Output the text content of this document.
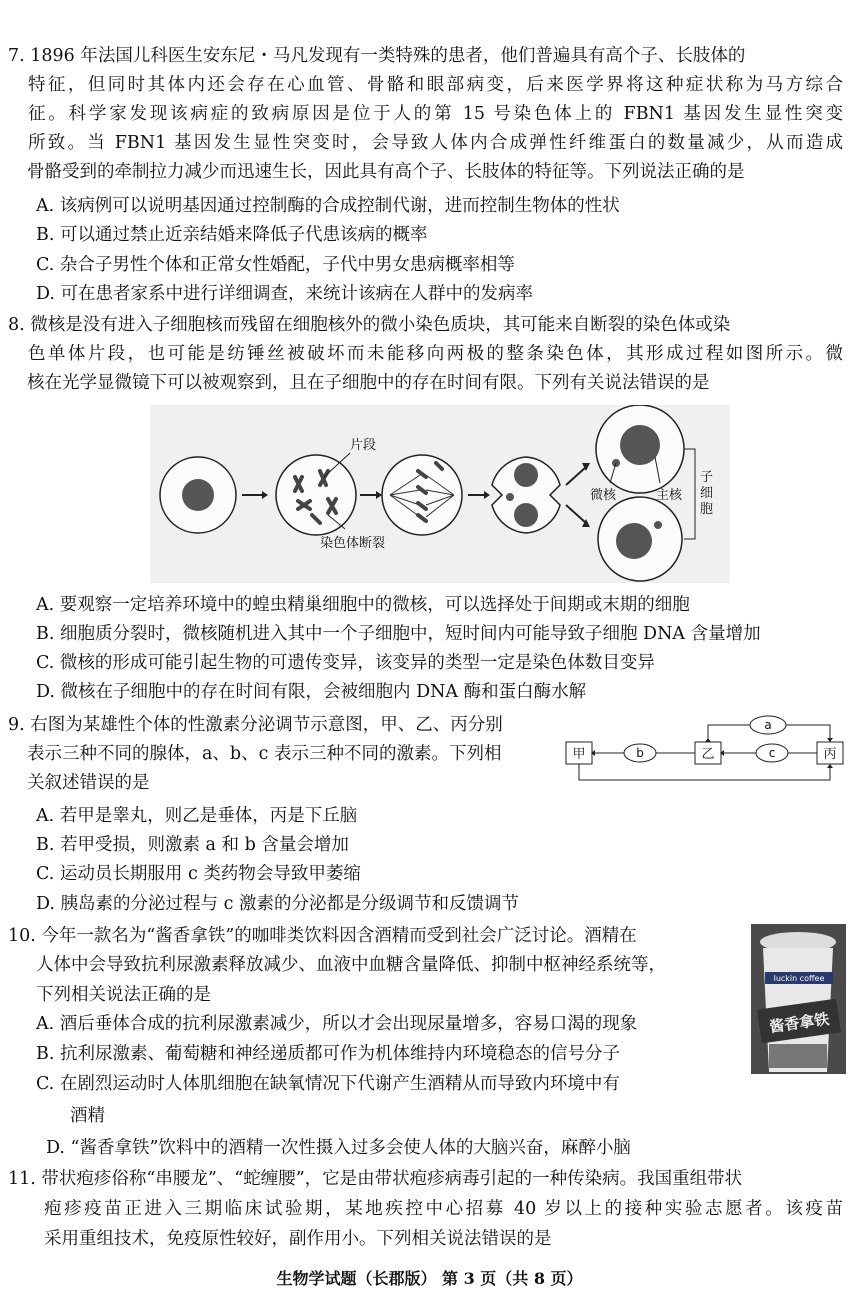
7. 1896 年法国儿科医生安东尼・马凡发现有一类特殊的患者，他们普遍具有高个子、长肢体的
特征，但同时其体内还会存在心血管、骨骼和眼部病变，后来医学界将这种症状称为马方综合
征。科学家发现该病症的致病原因是位于人的第 15 号染色体上的 FBN1 基因发生显性突变
所致。当 FBN1 基因发生显性突变时，会导致人体内合成弹性纤维蛋白的数量减少，从而造成
骨骼受到的牵制拉力减少而迅速生长，因此具有高个子、长肢体的特征等。下列说法正确的是
A. 该病例可以说明基因通过控制酶的合成控制代谢，进而控制生物体的性状
B. 可以通过禁止近亲结婚来降低子代患该病的概率
C. 杂合子男性个体和正常女性婚配，子代中男女患病概率相等
D. 可在患者家系中进行详细调查，来统计该病在人群中的发病率
8. 微核是没有进入子细胞核而残留在细胞核外的微小染色质块，其可能来自断裂的染色体或染
色单体片段，也可能是纺锤丝被破坏而未能移向两极的整条染色体，其形成过程如图所示。微
核在光学显微镜下可以被观察到，且在子细胞中的存在时间有限。下列有关说法错误的是
片段
染色体断裂
微核	主核
子
细
胞
A. 要观察一定培养环境中的蝗虫精巢细胞中的微核，可以选择处于间期或末期的细胞
B. 细胞质分裂时，微核随机进入其中一个子细胞中，短时间内可能导致子细胞 DNA 含量增加
C. 微核的形成可能引起生物的可遗传变异，该变异的类型一定是染色体数目变异
D. 微核在子细胞中的存在时间有限，会被细胞内 DNA 酶和蛋白酶水解
9. 右图为某雄性个体的性激素分泌调节示意图，甲、乙、丙分别
表示三种不同的腺体，a、b、c 表示三种不同的激素。下列相
关叙述错误的是
甲	乙	丙
a
b	c
A. 若甲是睾丸，则乙是垂体，丙是下丘脑
B. 若甲受损，则激素 a 和 b 含量会增加
C. 运动员长期服用 c 类药物会导致甲萎缩
D. 胰岛素的分泌过程与 c 激素的分泌都是分级调节和反馈调节
10. 今年一款名为“酱香拿铁”的咖啡类饮料因含酒精而受到社会广泛讨论。酒精在
人体中会导致抗利尿激素释放减少、血液中血糖含量降低、抑制中枢神经系统等，
下列相关说法正确的是
luckin coffee
酱香拿铁
A. 酒后垂体合成的抗利尿激素减少，所以才会出现尿量增多，容易口渴的现象
B. 抗利尿激素、葡萄糖和神经递质都可作为机体维持内环境稳态的信号分子
C. 在剧烈运动时人体肌细胞在缺氧情况下代谢产生酒精从而导致内环境中有
酒精
D. “酱香拿铁”饮料中的酒精一次性摄入过多会使人体的大脑兴奋，麻醉小脑
11. 带状疱疹俗称“串腰龙”、“蛇缠腰”，它是由带状疱疹病毒引起的一种传染病。我国重组带状
疱疹疫苗正进入三期临床试验期，某地疾控中心招募 40 岁以上的接种实验志愿者。该疫苗
采用重组技术，免疫原性较好，副作用小。下列相关说法错误的是
生物学试题（长郡版） 第 3 页（共 8 页）
